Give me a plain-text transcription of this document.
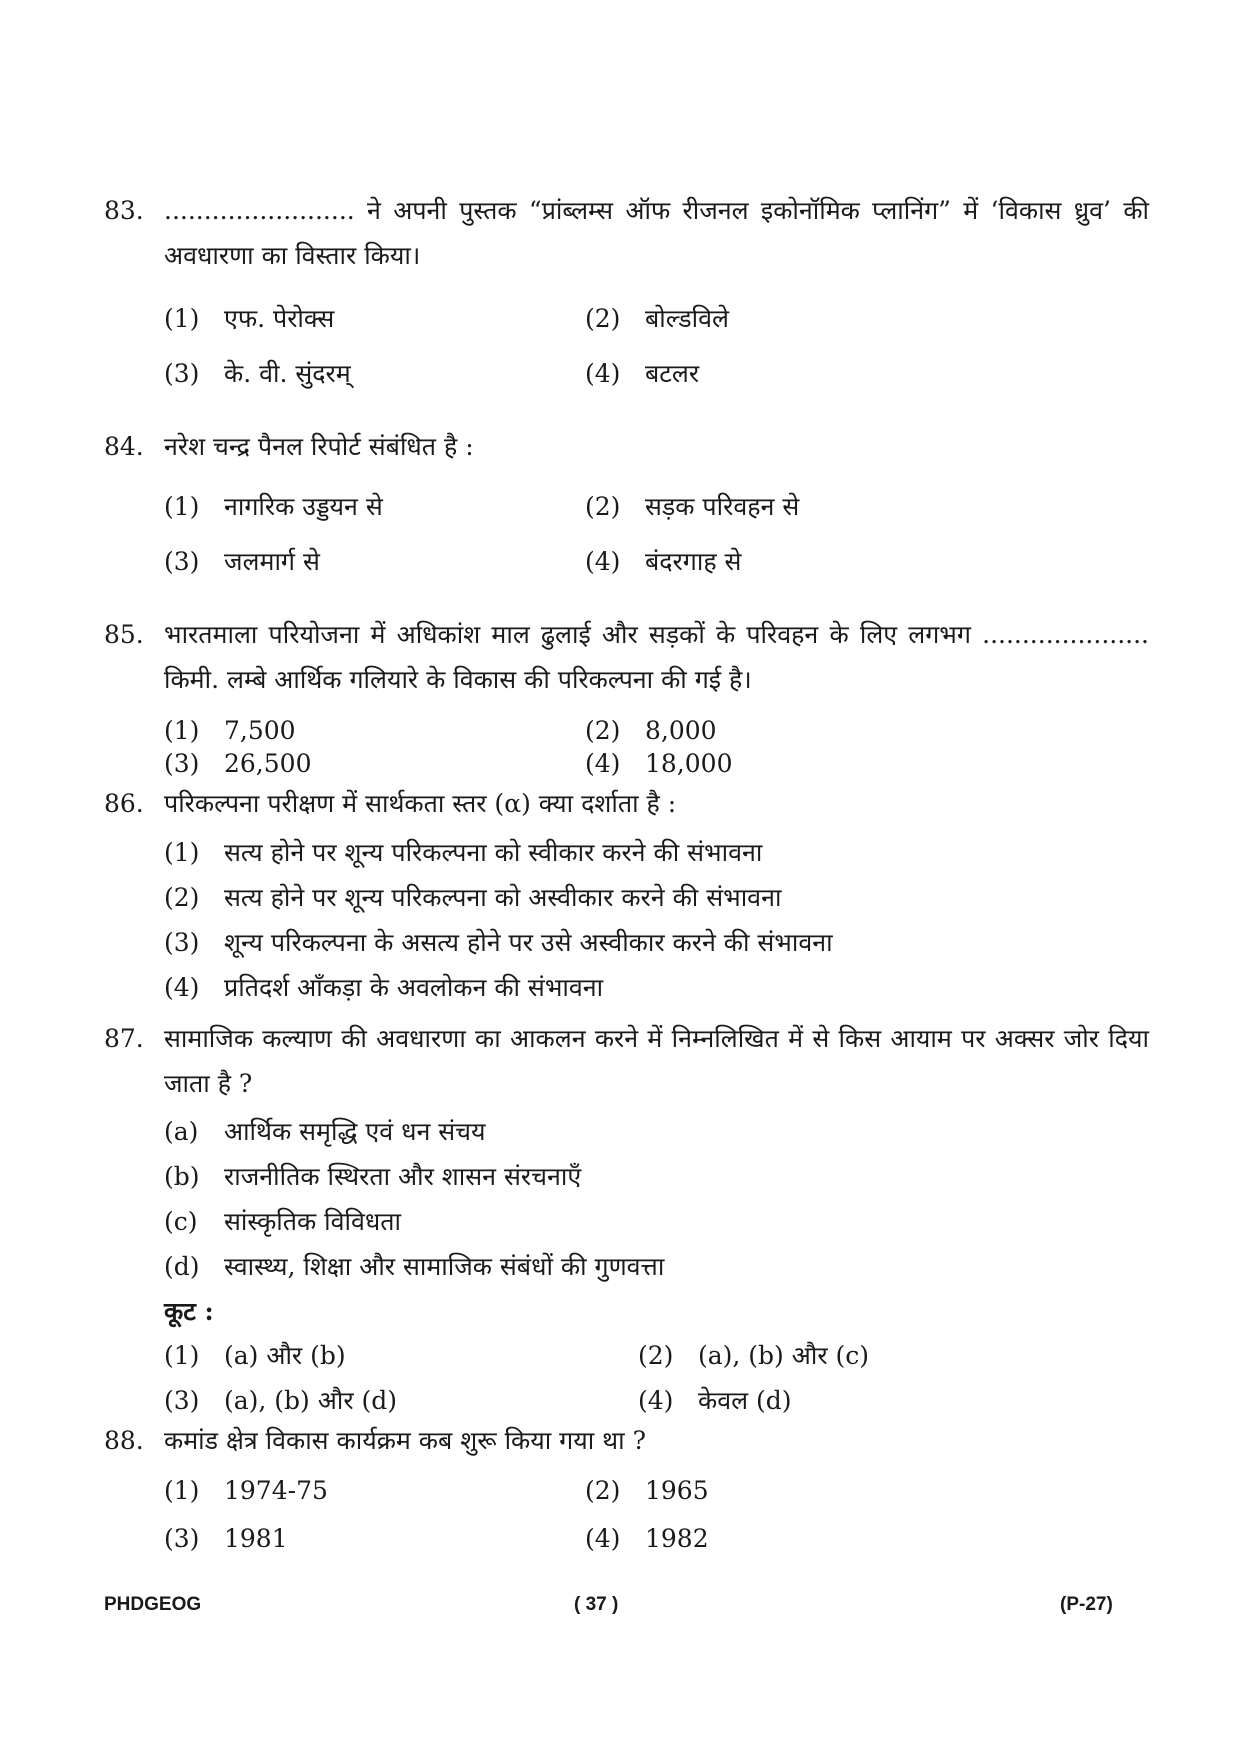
83. ........................ ने अपनी पुस्तक “प्रांब्लम्स ऑफ रीजनल इकोनॉमिक प्लानिंग” में ‘विकास ध्रुव’ की अवधारणा का विस्तार किया।
(1) एफ. पेरोक्स	(2) बोल्डविले
(3) के. वी. सुंदरम्	(4) बटलर
84. नरेश चन्द्र पैनल रिपोर्ट संबंधित है :
(1) नागरिक उड्डयन से	(2) सड़क परिवहन से
(3) जलमार्ग से	(4) बंदरगाह से
85. भारतमाला परियोजना में अधिकांश माल ढुलाई और सड़कों के परिवहन के लिए लगभग ..................... किमी. लम्बे आर्थिक गलियारे के विकास की परिकल्पना की गई है।
(1) 7,500	(2) 8,000
(3) 26,500	(4) 18,000
86. परिकल्पना परीक्षण में सार्थकता स्तर (α) क्या दर्शाता है :
(1) सत्य होने पर शून्य परिकल्पना को स्वीकार करने की संभावना
(2) सत्य होने पर शून्य परिकल्पना को अस्वीकार करने की संभावना
(3) शून्य परिकल्पना के असत्य होने पर उसे अस्वीकार करने की संभावना
(4) प्रतिदर्श आँकड़ा के अवलोकन की संभावना
87. सामाजिक कल्याण की अवधारणा का आकलन करने में निम्नलिखित में से किस आयाम पर अक्सर जोर दिया जाता है ?
(a) आर्थिक समृद्धि एवं धन संचय
(b) राजनीतिक स्थिरता और शासन संरचनाएँ
(c) सांस्कृतिक विविधता
(d) स्वास्थ्य, शिक्षा और सामाजिक संबंधों की गुणवत्ता
कूट :
(1) (a) और (b)	(2) (a), (b) और (c)
(3) (a), (b) और (d)	(4) केवल (d)
88. कमांड क्षेत्र विकास कार्यक्रम कब शुरू किया गया था ?
(1) 1974-75	(2) 1965
(3) 1981	(4) 1982
PHDGEOG	( 37 )	(P-27)
